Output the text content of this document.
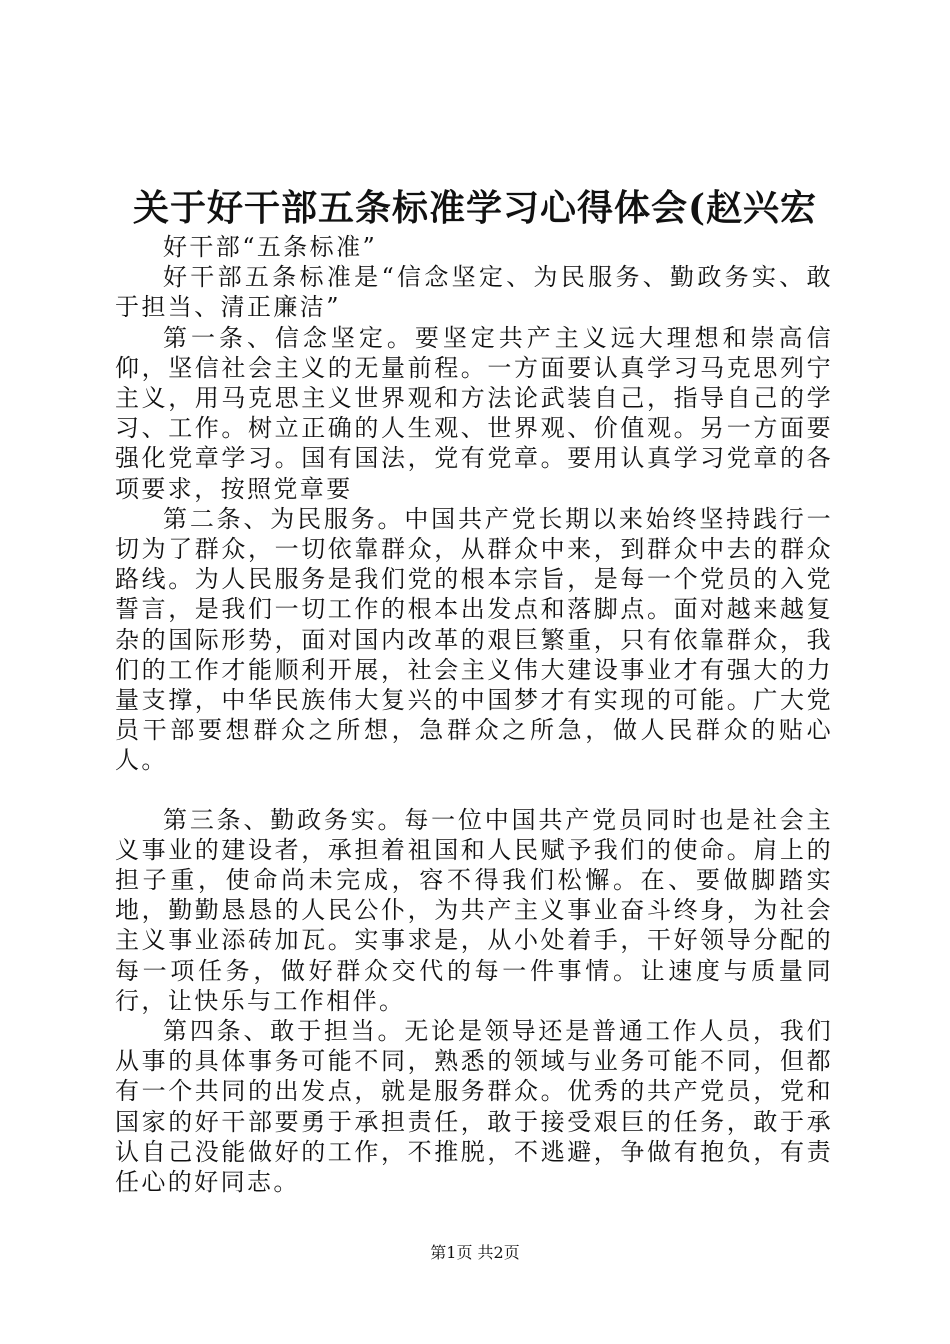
关于好干部五条标准学习心得体会(赵兴宏

好干部“五条标准”

好干部五条标准是“信念坚定、为民服务、勤政务实、敢于担当、清正廉洁”

第一条、信念坚定。要坚定共产主义远大理想和崇高信仰，坚信社会主义的无量前程。一方面要认真学习马克思列宁主义，用马克思主义世界观和方法论武装自己，指导自己的学习、工作。树立正确的人生观、世界观、价值观。另一方面要强化党章学习。国有国法，党有党章。要用认真学习党章的各项要求，按照党章要

第二条、为民服务。中国共产党长期以来始终坚持践行一切为了群众，一切依靠群众，从群众中来，到群众中去的群众路线。为人民服务是我们党的根本宗旨，是每一个党员的入党誓言，是我们一切工作的根本出发点和落脚点。面对越来越复杂的国际形势，面对国内改革的艰巨繁重，只有依靠群众，我们的工作才能顺利开展，社会主义伟大建设事业才有强大的力量支撑，中华民族伟大复兴的中国梦才有实现的可能。广大党员干部要想群众之所想，急群众之所急，做人民群众的贴心人。

第三条、勤政务实。每一位中国共产党员同时也是社会主义事业的建设者，承担着祖国和人民赋予我们的使命。肩上的担子重，使命尚未完成，容不得我们松懈。在、要做脚踏实地，勤勤恳恳的人民公仆，为共产主义事业奋斗终身，为社会主义事业添砖加瓦。实事求是，从小处着手，干好领导分配的每一项任务，做好群众交代的每一件事情。让速度与质量同行，让快乐与工作相伴。

第四条、敢于担当。无论是领导还是普通工作人员，我们从事的具体事务可能不同，熟悉的领域与业务可能不同，但都有一个共同的出发点，就是服务群众。优秀的共产党员，党和国家的好干部要勇于承担责任，敢于接受艰巨的任务，敢于承认自己没能做好的工作，不推脱，不逃避，争做有抱负，有责任心的好同志。

第1页 共2页
